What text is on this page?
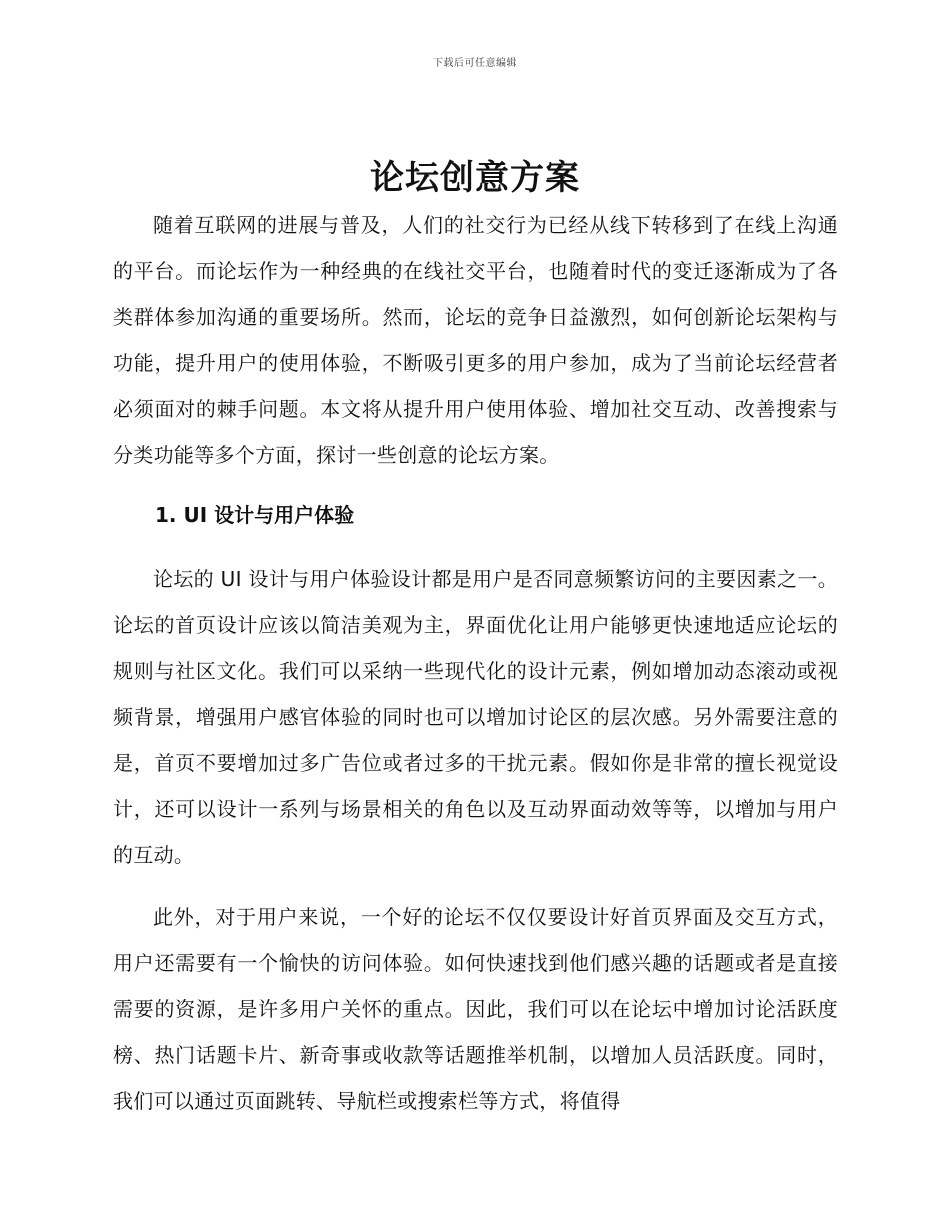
下载后可任意编辑
论坛创意方案

随着互联网的进展与普及，人们的社交行为已经从线下转移到了在线上沟通的平台。而论坛作为一种经典的在线社交平台，也随着时代的变迁逐渐成为了各类群体参加沟通的重要场所。然而，论坛的竞争日益激烈，如何创新论坛架构与功能，提升用户的使用体验，不断吸引更多的用户参加，成为了当前论坛经营者必须面对的棘手问题。本文将从提升用户使用体验、增加社交互动、改善搜索与分类功能等多个方面，探讨一些创意的论坛方案。

1. UI 设计与用户体验

论坛的 UI 设计与用户体验设计都是用户是否同意频繁访问的主要因素之一。论坛的首页设计应该以简洁美观为主，界面优化让用户能够更快速地适应论坛的规则与社区文化。我们可以采纳一些现代化的设计元素，例如增加动态滚动或视频背景，增强用户感官体验的同时也可以增加讨论区的层次感。另外需要注意的是，首页不要增加过多广告位或者过多的干扰元素。假如你是非常的擅长视觉设计，还可以设计一系列与场景相关的角色以及互动界面动效等等，以增加与用户的互动。

此外，对于用户来说，一个好的论坛不仅仅要设计好首页界面及交互方式，用户还需要有一个愉快的访问体验。如何快速找到他们感兴趣的话题或者是直接需要的资源，是许多用户关怀的重点。因此，我们可以在论坛中增加讨论活跃度榜、热门话题卡片、新奇事或收款等话题推举机制，以增加人员活跃度。同时，我们可以通过页面跳转、导航栏或搜索栏等方式，将值得
